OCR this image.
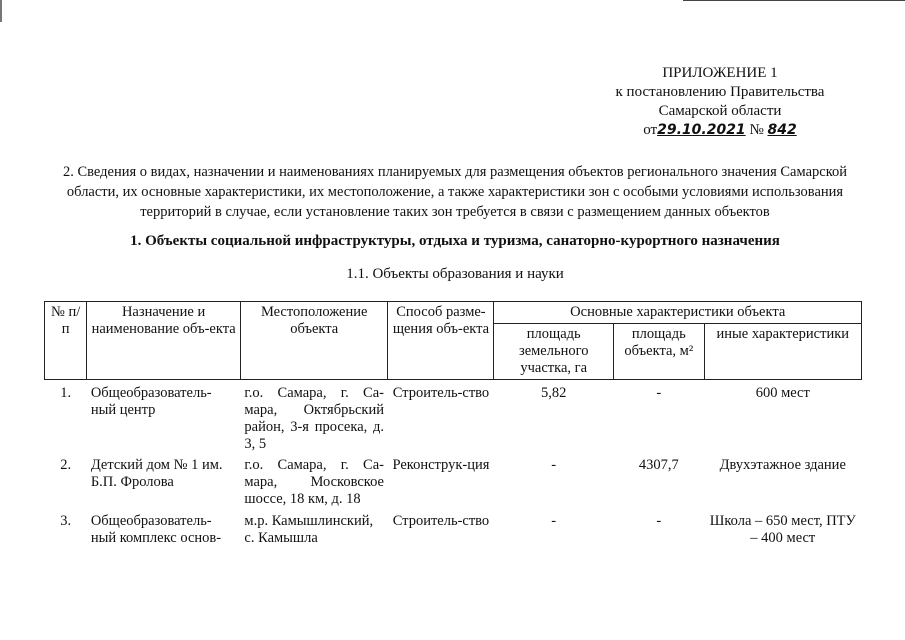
ПРИЛОЖЕНИЕ 1
к постановлению Правительства
Самарской области
от29.10.2021 № 842
2. Сведения о видах, назначении и наименованиях планируемых для размещения объектов регионального значения Самарской области, их основные характеристики, их местоположение, а также характеристики зон с особыми условиями использования территорий в случае, если установление таких зон требуется в связи с размещением данных объектов
1. Объекты социальной инфраструктуры, отдыха и туризма, санаторно-курортного назначения
1.1. Объекты образования и науки
№ п/п	Назначение и наименование объ-екта	Местоположение объекта	Способ разме-щения объ-екта	Основные характеристики объекта		
				площадь земельного участка, га	площадь объекта, м²	иные характеристики
1.	Общеобразователь-ный центр	г.о. Самара, г. Са-мара, Октябрьский район, 3-я просека, д. 3, 5	Строитель-ство	5,82	-	600 мест
2.	Детский дом № 1 им. Б.П. Фролова	г.о. Самара, г. Са-мара, Московское шоссе, 18 км, д. 18	Реконструк-ция	-	4307,7	Двухэтажное здание
3.	Общеобразователь-ный комплекс основ-	м.р. Камышлинский, с. Камышла	Строитель-ство	-	-	Школа – 650 мест, ПТУ – 400 мест
